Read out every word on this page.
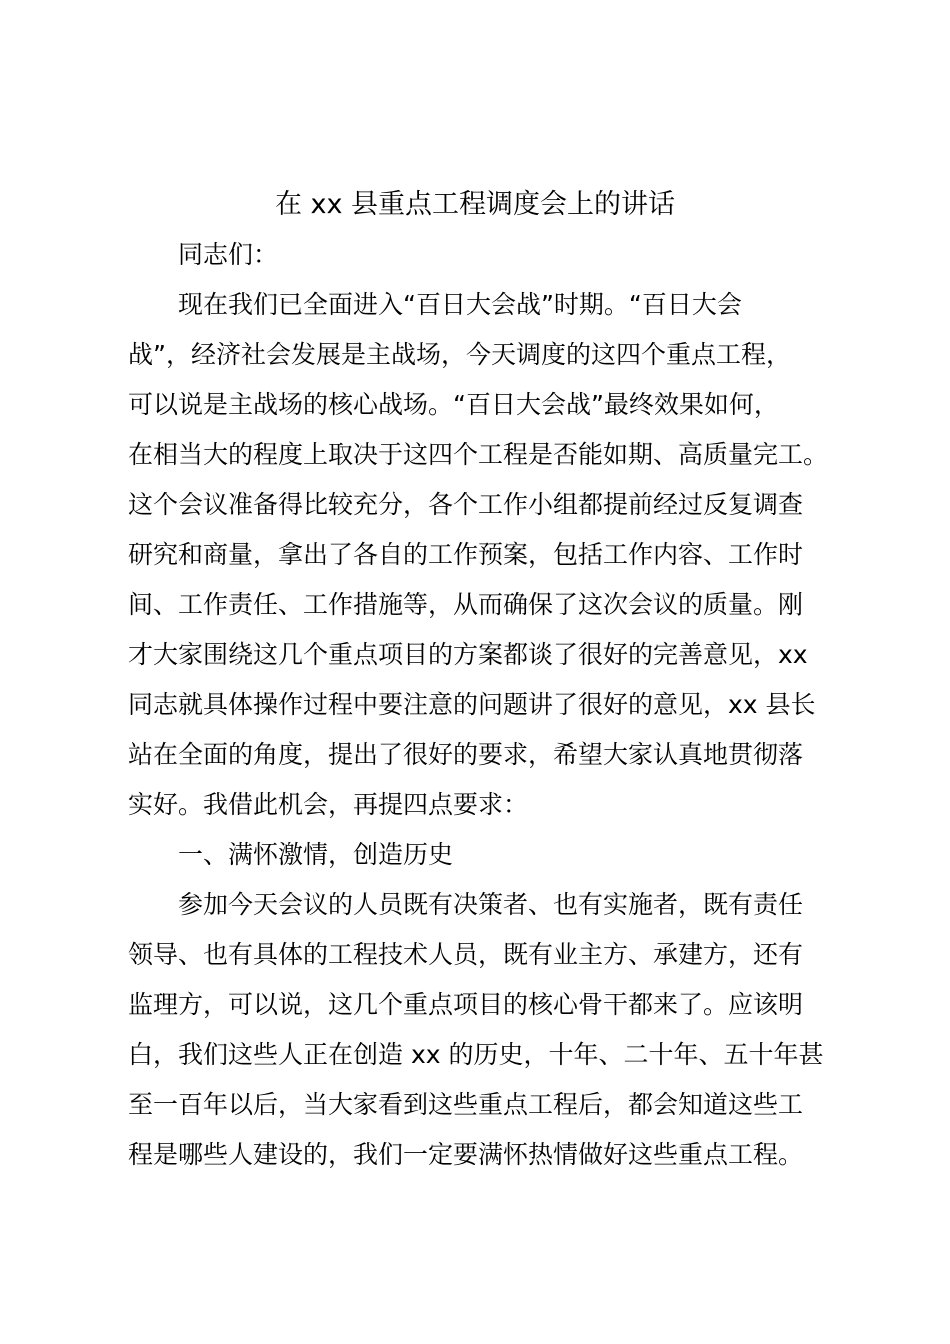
在 xx 县重点工程调度会上的讲话
同志们：
现在我们已全面进入“百日大会战”时期。“百日大会
战”，经济社会发展是主战场，今天调度的这四个重点工程，
可以说是主战场的核心战场。“百日大会战”最终效果如何，
在相当大的程度上取决于这四个工程是否能如期、高质量完工。
这个会议准备得比较充分，各个工作小组都提前经过反复调查
研究和商量，拿出了各自的工作预案，包括工作内容、工作时
间、工作责任、工作措施等，从而确保了这次会议的质量。刚
才大家围绕这几个重点项目的方案都谈了很好的完善意见，xx
同志就具体操作过程中要注意的问题讲了很好的意见，xx 县长
站在全面的角度，提出了很好的要求，希望大家认真地贯彻落
实好。我借此机会，再提四点要求：
一、满怀激情，创造历史
参加今天会议的人员既有决策者、也有实施者，既有责任
领导、也有具体的工程技术人员，既有业主方、承建方，还有
监理方，可以说，这几个重点项目的核心骨干都来了。应该明
白，我们这些人正在创造 xx 的历史，十年、二十年、五十年甚
至一百年以后，当大家看到这些重点工程后，都会知道这些工
程是哪些人建设的，我们一定要满怀热情做好这些重点工程。
